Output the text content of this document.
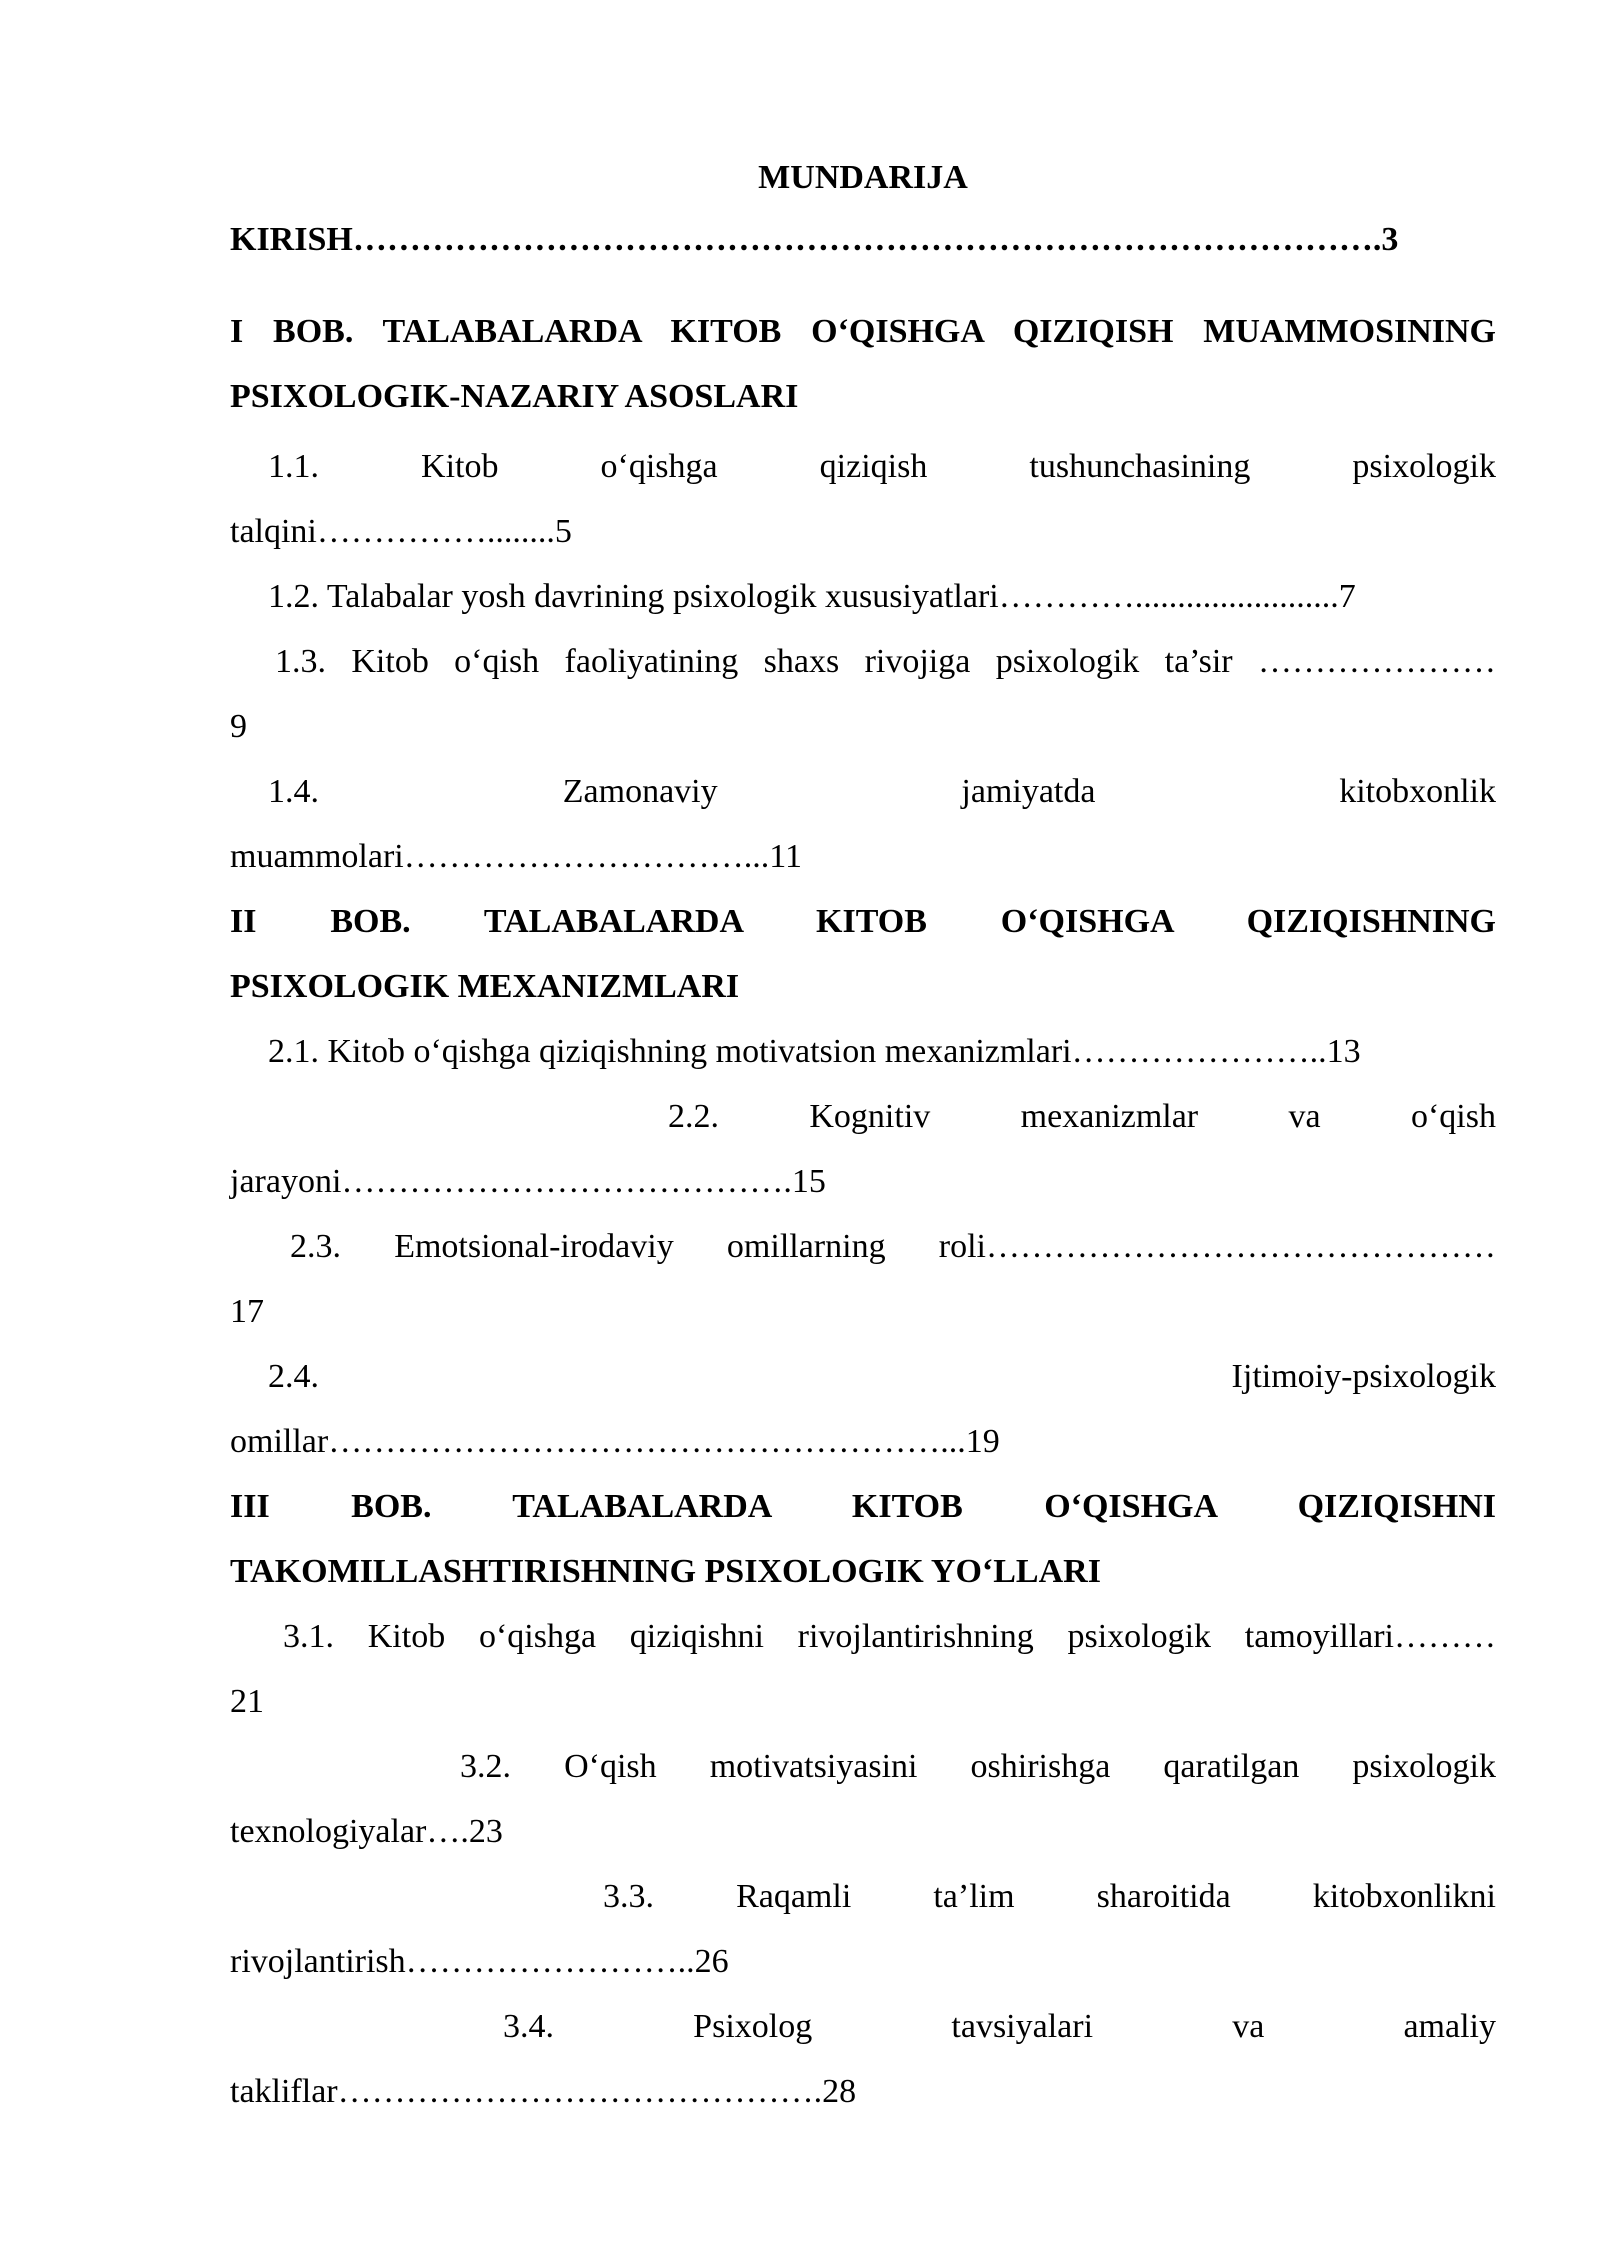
MUNDARIJA
KIRISH……………………………………………………………………………….3
I BOB. TALABALARDA KITOB O‘QISHGA QIZIQISH MUAMMOSINING
PSIXOLOGIK-NAZARIY ASOSLARI
1.1. Kitob o‘qishga qiziqish tushunchasining psixologik
talqini……………........5
1.2. Talabalar yosh davrining psixologik xususiyatlari…………........................7
1.3. Kitob o‘qish faoliyatining shaxs rivojiga psixologik ta’sir …………………
9
1.4. Zamonaviy jamiyatda kitobxonlik
muammolari…………………………...11
II BOB. TALABALARDA KITOB O‘QISHGA QIZIQISHNING
PSIXOLOGIK MEXANIZMLARI
2.1. Kitob o‘qishga qiziqishning motivatsion mexanizmlari…………………..13
2.2. Kognitiv mexanizmlar va o‘qish
jarayoni………………………………….15
2.3. Emotsional-irodaviy omillarning roli………………………………………
17
2.4. Ijtimoiy-psixologik
omillar………………………………………………...19
III BOB. TALABALARDA KITOB O‘QISHGA QIZIQISHNI
TAKOMILLASHTIRISHNING PSIXOLOGIK YO‘LLARI
3.1. Kitob o‘qishga qiziqishni rivojlantirishning psixologik tamoyillari………
21
3.2. O‘qish motivatsiyasini oshirishga qaratilgan psixologik
texnologiyalar….23
3.3. Raqamli ta’lim sharoitida kitobxonlikni
rivojlantirish……………………..26
3.4. Psixolog tavsiyalari va amaliy
takliflar…………………………………….28
